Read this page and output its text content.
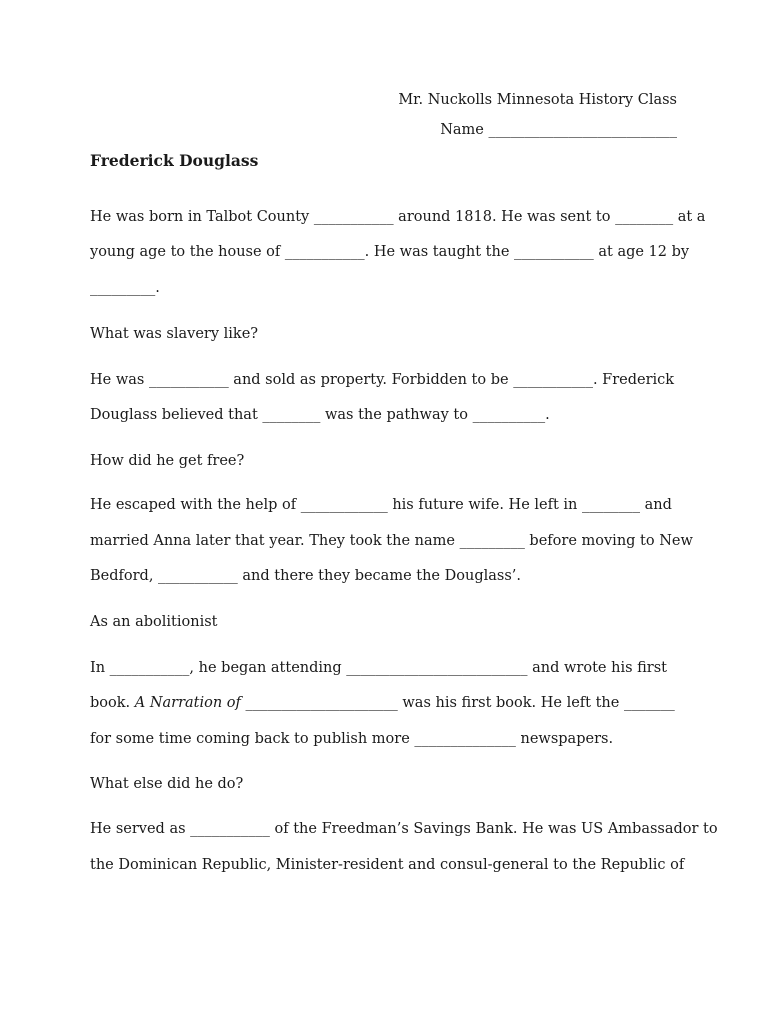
Mr. Nuckolls Minnesota History Class
Name __________________________
Frederick Douglass
He was born in Talbot County ___________ around 1818. He was sent to ________ at a
young age to the house of ___________. He was taught the ___________ at age 12 by
_________.
What was slavery like?
He was ___________ and sold as property. Forbidden to be ___________. Frederick
Douglass believed that ________ was the pathway to __________.
How did he get free?
He escaped with the help of ____________ his future wife. He left in ________ and
married Anna later that year. They took the name _________ before moving to New
Bedford, ___________ and there they became the Douglass’.
As an abolitionist
In ___________, he began attending _________________________ and wrote his first
book. A Narration of _____________________ was his first book. He left the _______
for some time coming back to publish more ______________ newspapers.
What else did he do?
He served as ___________ of the Freedman’s Savings Bank. He was US Ambassador to
the Dominican Republic, Minister-resident and consul-general to the Republic of
